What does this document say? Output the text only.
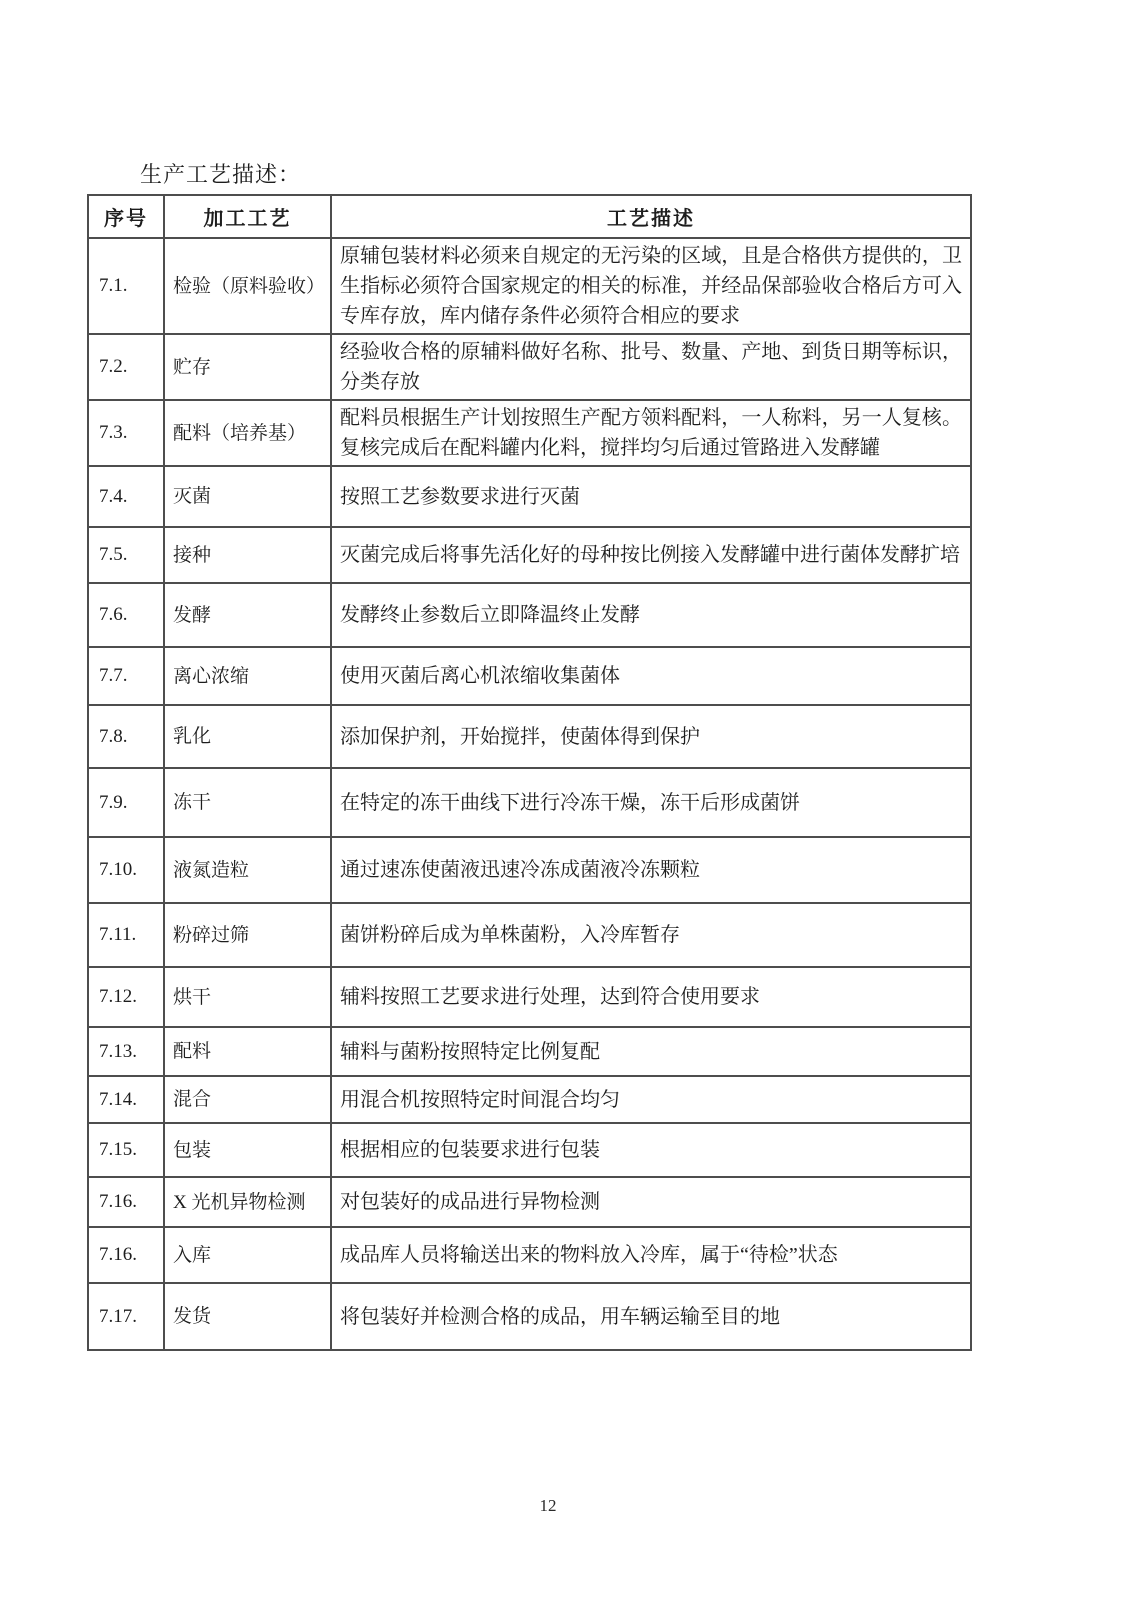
生产工艺描述：
序号	加工工艺	工艺描述
7.1.	检验（原料验收）	原辅包装材料必须来自规定的无污染的区域，且是合格供方提供的，卫生指标必须符合国家规定的相关的标准，并经品保部验收合格后方可入专库存放，库内储存条件必须符合相应的要求
7.2.	贮存	经验收合格的原辅料做好名称、批号、数量、产地、到货日期等标识，分类存放
7.3.	配料（培养基）	配料员根据生产计划按照生产配方领料配料，一人称料，另一人复核。复核完成后在配料罐内化料，搅拌均匀后通过管路进入发酵罐
7.4.	灭菌	按照工艺参数要求进行灭菌
7.5.	接种	灭菌完成后将事先活化好的母种按比例接入发酵罐中进行菌体发酵扩培
7.6.	发酵	发酵终止参数后立即降温终止发酵
7.7.	离心浓缩	使用灭菌后离心机浓缩收集菌体
7.8.	乳化	添加保护剂，开始搅拌，使菌体得到保护
7.9.	冻干	在特定的冻干曲线下进行冷冻干燥，冻干后形成菌饼
7.10.	液氮造粒	通过速冻使菌液迅速冷冻成菌液冷冻颗粒
7.11.	粉碎过筛	菌饼粉碎后成为单株菌粉，入冷库暂存
7.12.	烘干	辅料按照工艺要求进行处理，达到符合使用要求
7.13.	配料	辅料与菌粉按照特定比例复配
7.14.	混合	用混合机按照特定时间混合均匀
7.15.	包装	根据相应的包装要求进行包装
7.16.	X 光机异物检测	对包装好的成品进行异物检测
7.16.	入库	成品库人员将输送出来的物料放入冷库，属于“待检”状态
7.17.	发货	将包装好并检测合格的成品，用车辆运输至目的地
12
